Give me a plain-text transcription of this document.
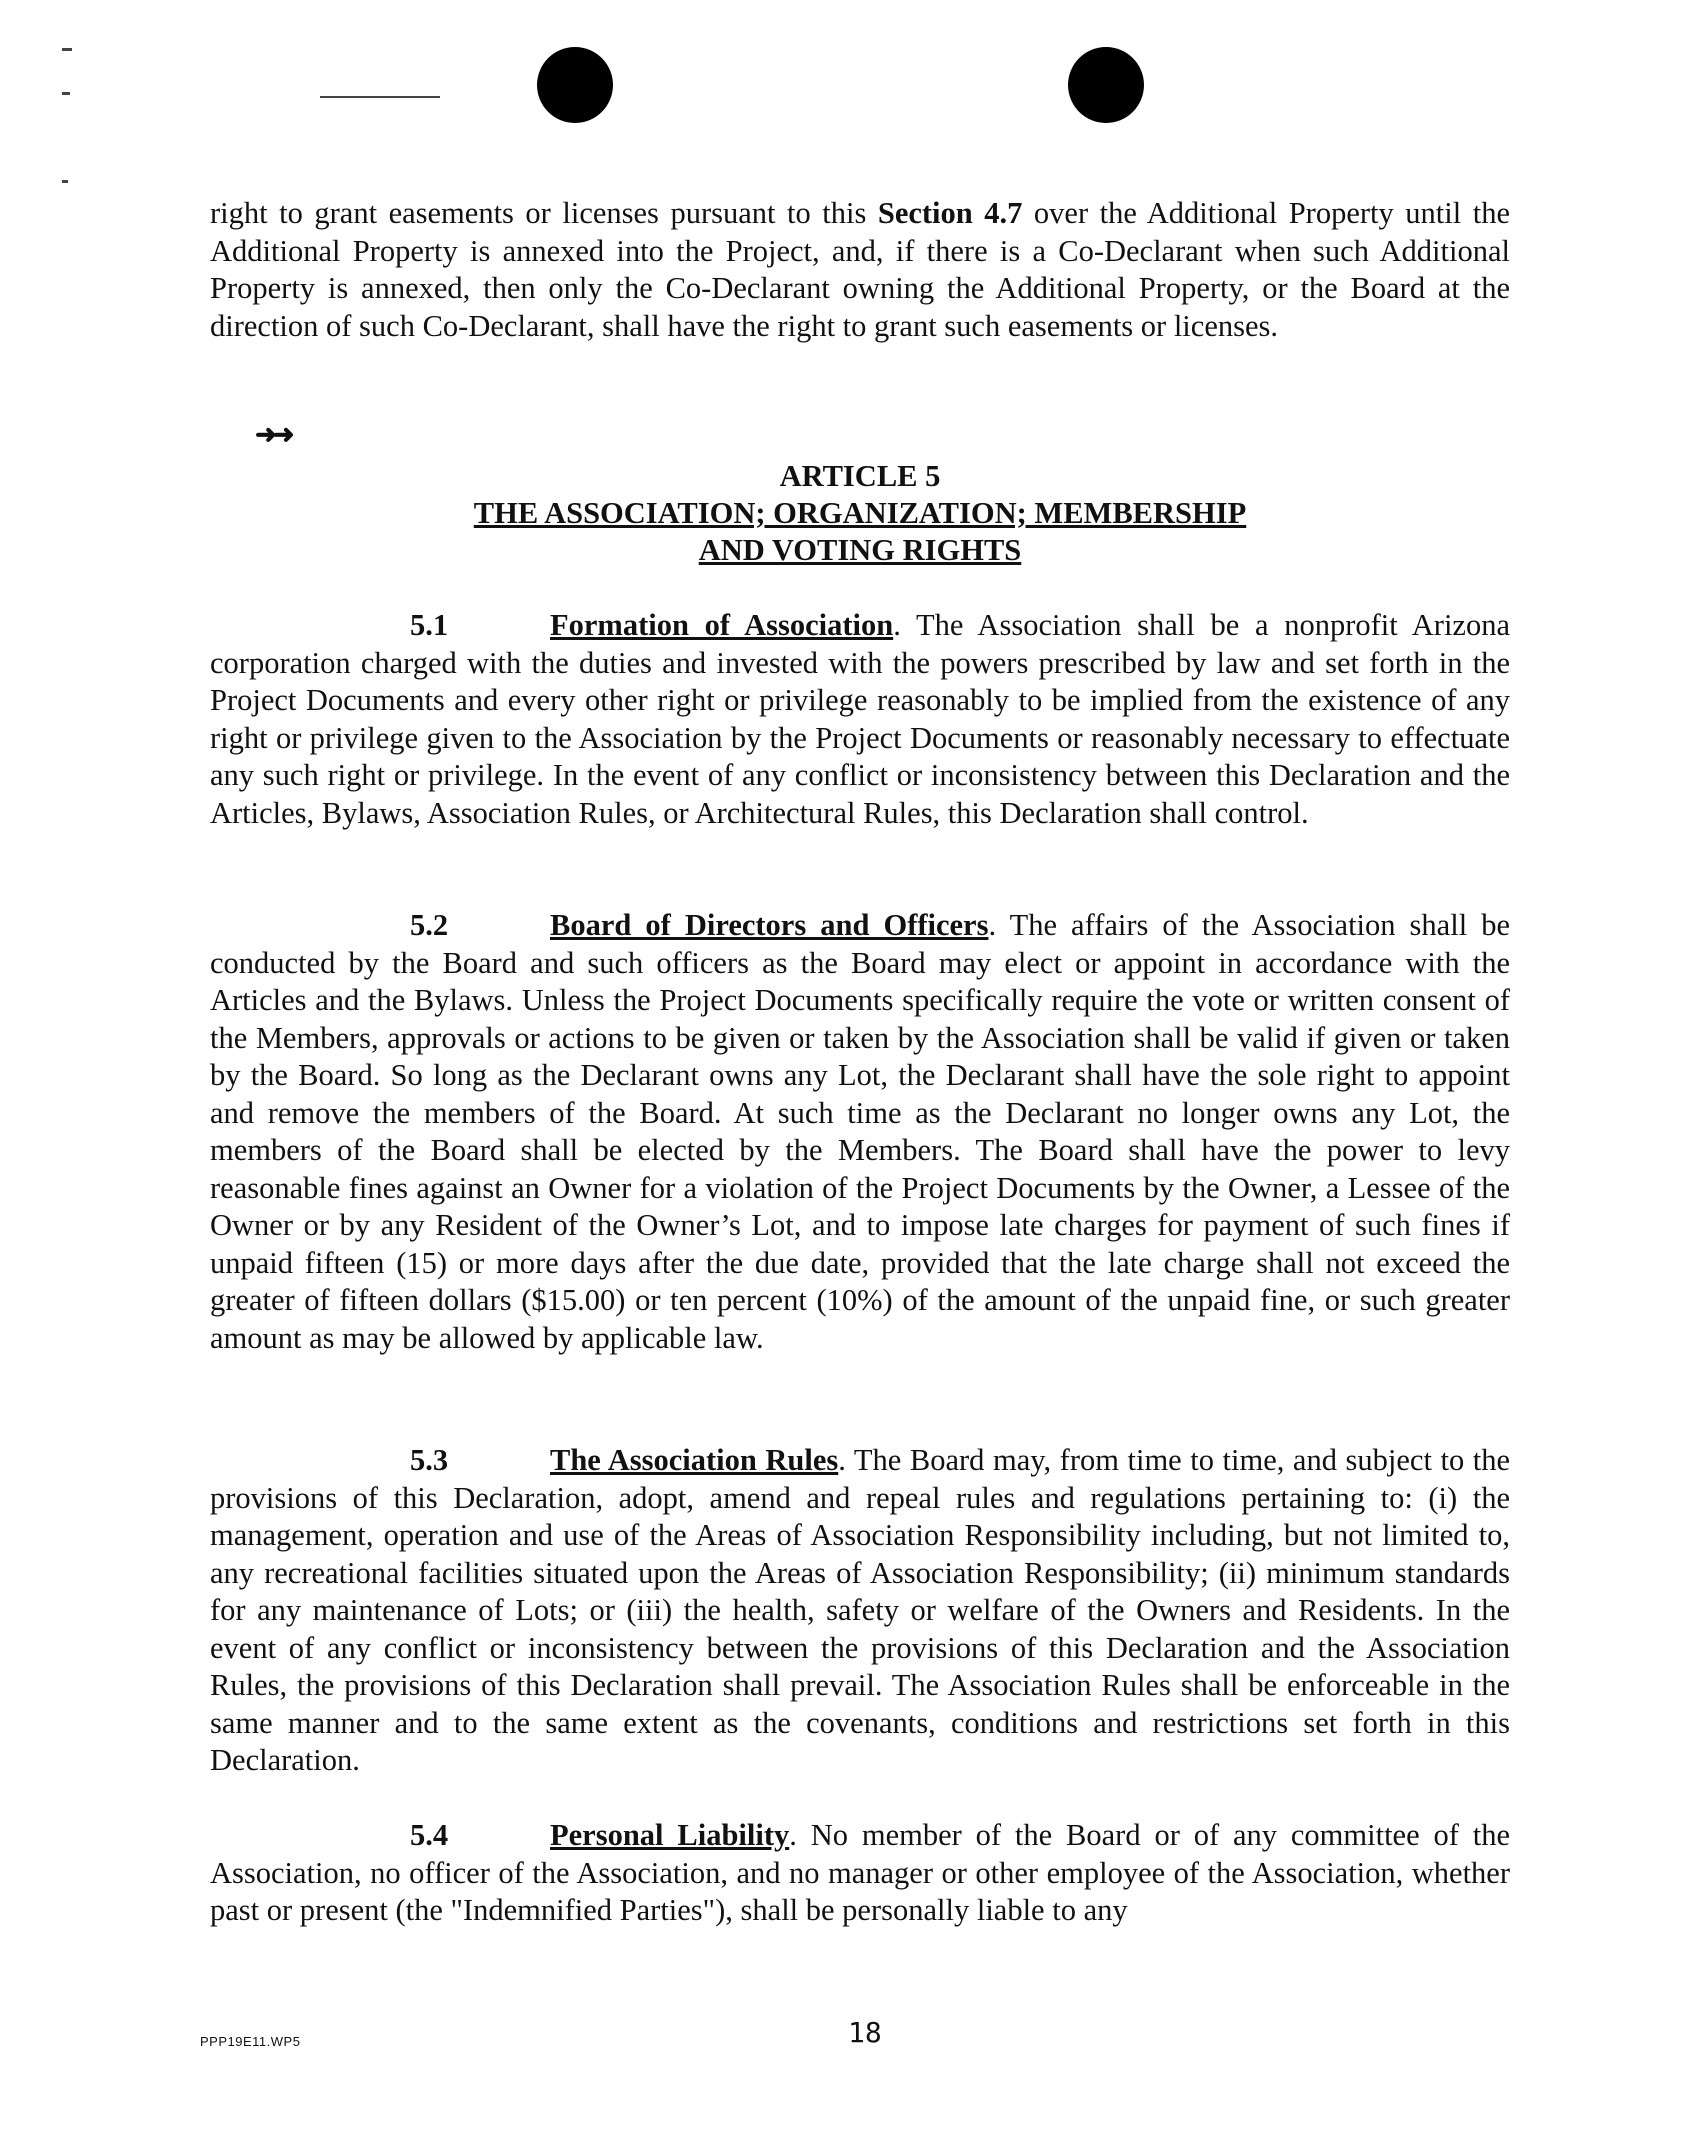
right to grant easements or licenses pursuant to this Section 4.7 over the Additional Property until the Additional Property is annexed into the Project, and, if there is a Co-Declarant when such Additional Property is annexed, then only the Co-Declarant owning the Additional Property, or the Board at the direction of such Co-Declarant, shall have the right to grant such easements or licenses.
➜➜
ARTICLE 5
THE ASSOCIATION; ORGANIZATION; MEMBERSHIP
AND VOTING RIGHTS
5.1	Formation of Association. The Association shall be a nonprofit Arizona corporation charged with the duties and invested with the powers prescribed by law and set forth in the Project Documents and every other right or privilege reasonably to be implied from the existence of any right or privilege given to the Association by the Project Documents or reasonably necessary to effectuate any such right or privilege. In the event of any conflict or inconsistency between this Declaration and the Articles, Bylaws, Association Rules, or Architectural Rules, this Declaration shall control.
5.2	Board of Directors and Officers. The affairs of the Association shall be conducted by the Board and such officers as the Board may elect or appoint in accordance with the Articles and the Bylaws. Unless the Project Documents specifically require the vote or written consent of the Members, approvals or actions to be given or taken by the Association shall be valid if given or taken by the Board. So long as the Declarant owns any Lot, the Declarant shall have the sole right to appoint and remove the members of the Board. At such time as the Declarant no longer owns any Lot, the members of the Board shall be elected by the Members. The Board shall have the power to levy reasonable fines against an Owner for a violation of the Project Documents by the Owner, a Lessee of the Owner or by any Resident of the Owner’s Lot, and to impose late charges for payment of such fines if unpaid fifteen (15) or more days after the due date, provided that the late charge shall not exceed the greater of fifteen dollars ($15.00) or ten percent (10%) of the amount of the unpaid fine, or such greater amount as may be allowed by applicable law.
5.3	The Association Rules. The Board may, from time to time, and subject to the provisions of this Declaration, adopt, amend and repeal rules and regulations pertaining to: (i) the management, operation and use of the Areas of Association Responsibility including, but not limited to, any recreational facilities situated upon the Areas of Association Responsibility; (ii) minimum standards for any maintenance of Lots; or (iii) the health, safety or welfare of the Owners and Residents. In the event of any conflict or inconsistency between the provisions of this Declaration and the Association Rules, the provisions of this Declaration shall prevail. The Association Rules shall be enforceable in the same manner and to the same extent as the covenants, conditions and restrictions set forth in this Declaration.
5.4	Personal Liability. No member of the Board or of any committee of the Association, no officer of the Association, and no manager or other employee of the Association, whether past or present (the "Indemnified Parties"), shall be personally liable to any
PPP19E11.WP5	18
